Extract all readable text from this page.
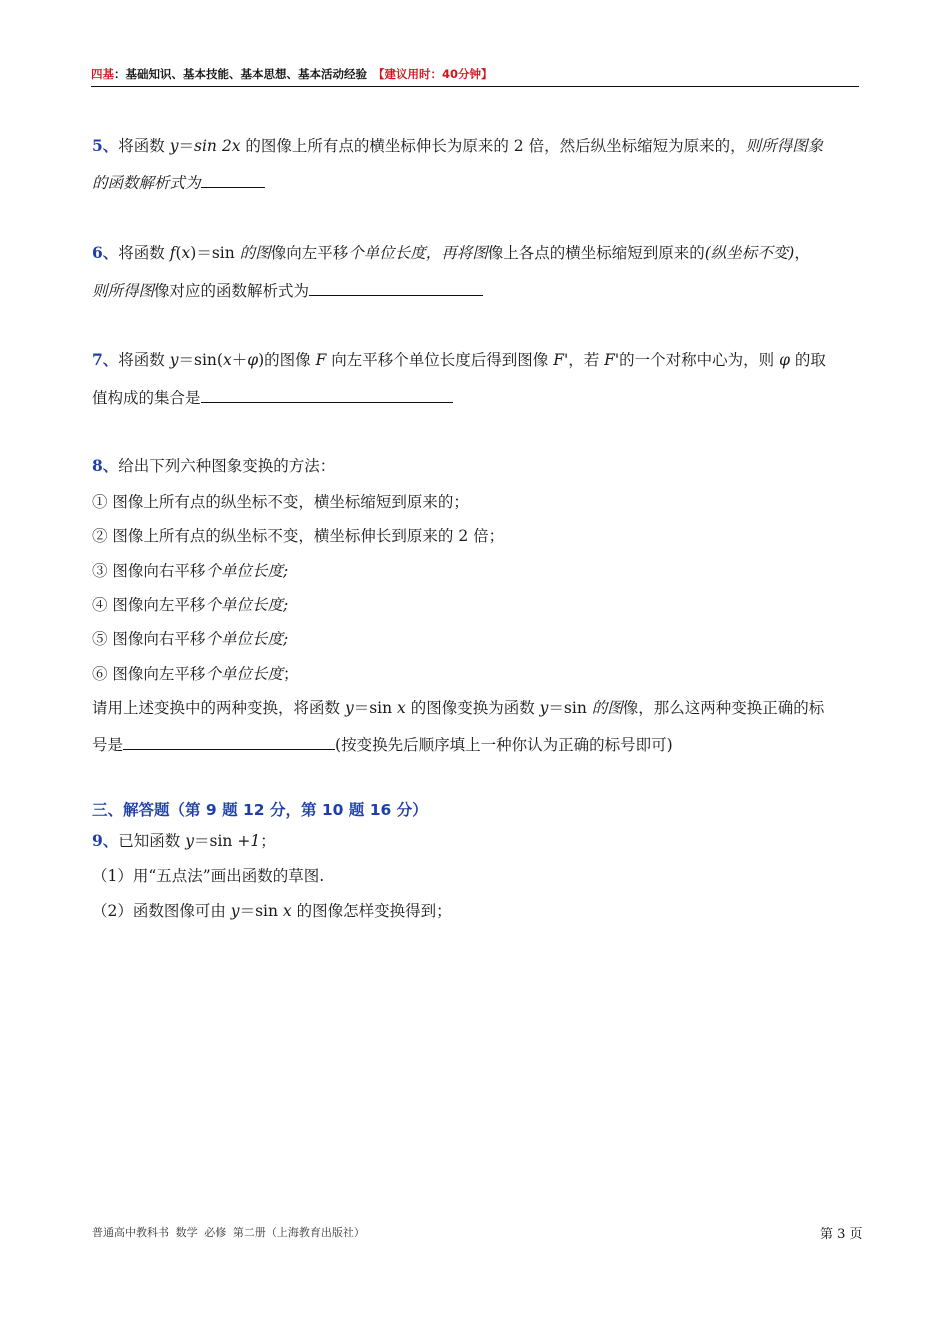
四基：基础知识、基本技能、基本思想、基本活动经验 【建议用时：40分钟】
5、将函数 y＝sin 2x 的图像上所有点的横坐标伸长为原来的 2 倍，然后纵坐标缩短为原来的，则所得图象
的函数解析式为
6、将函数 f(x)＝sin 的图像向左平移个单位长度，再将图像上各点的横坐标缩短到原来的(纵坐标不变)，
则所得图像对应的函数解析式为
7、将函数 y＝sin(x＋φ)的图像 F 向左平移个单位长度后得到图像 F'，若 F'的一个对称中心为，则 φ 的取
值构成的集合是
8、给出下列六种图象变换的方法：
① 图像上所有点的纵坐标不变，横坐标缩短到原来的；
② 图像上所有点的纵坐标不变，横坐标伸长到原来的 2 倍；
③ 图像向右平移个单位长度;
④ 图像向左平移个单位长度;
⑤ 图像向右平移个单位长度;
⑥ 图像向左平移个单位长度；
请用上述变换中的两种变换，将函数 y＝sin x 的图像变换为函数 y＝sin 的图像，那么这两种变换正确的标
号是	(按变换先后顺序填上一种你认为正确的标号即可)
三、解答题（第 9 题 12 分，第 10 题 16 分）
9、已知函数 y＝sin +1；
（1）用“五点法”画出函数的草图.
（2）函数图像可由 y＝sin x 的图像怎样变换得到；
普通高中教科书 数学 必修 第二册（上海教育出版社）	第 3 页
